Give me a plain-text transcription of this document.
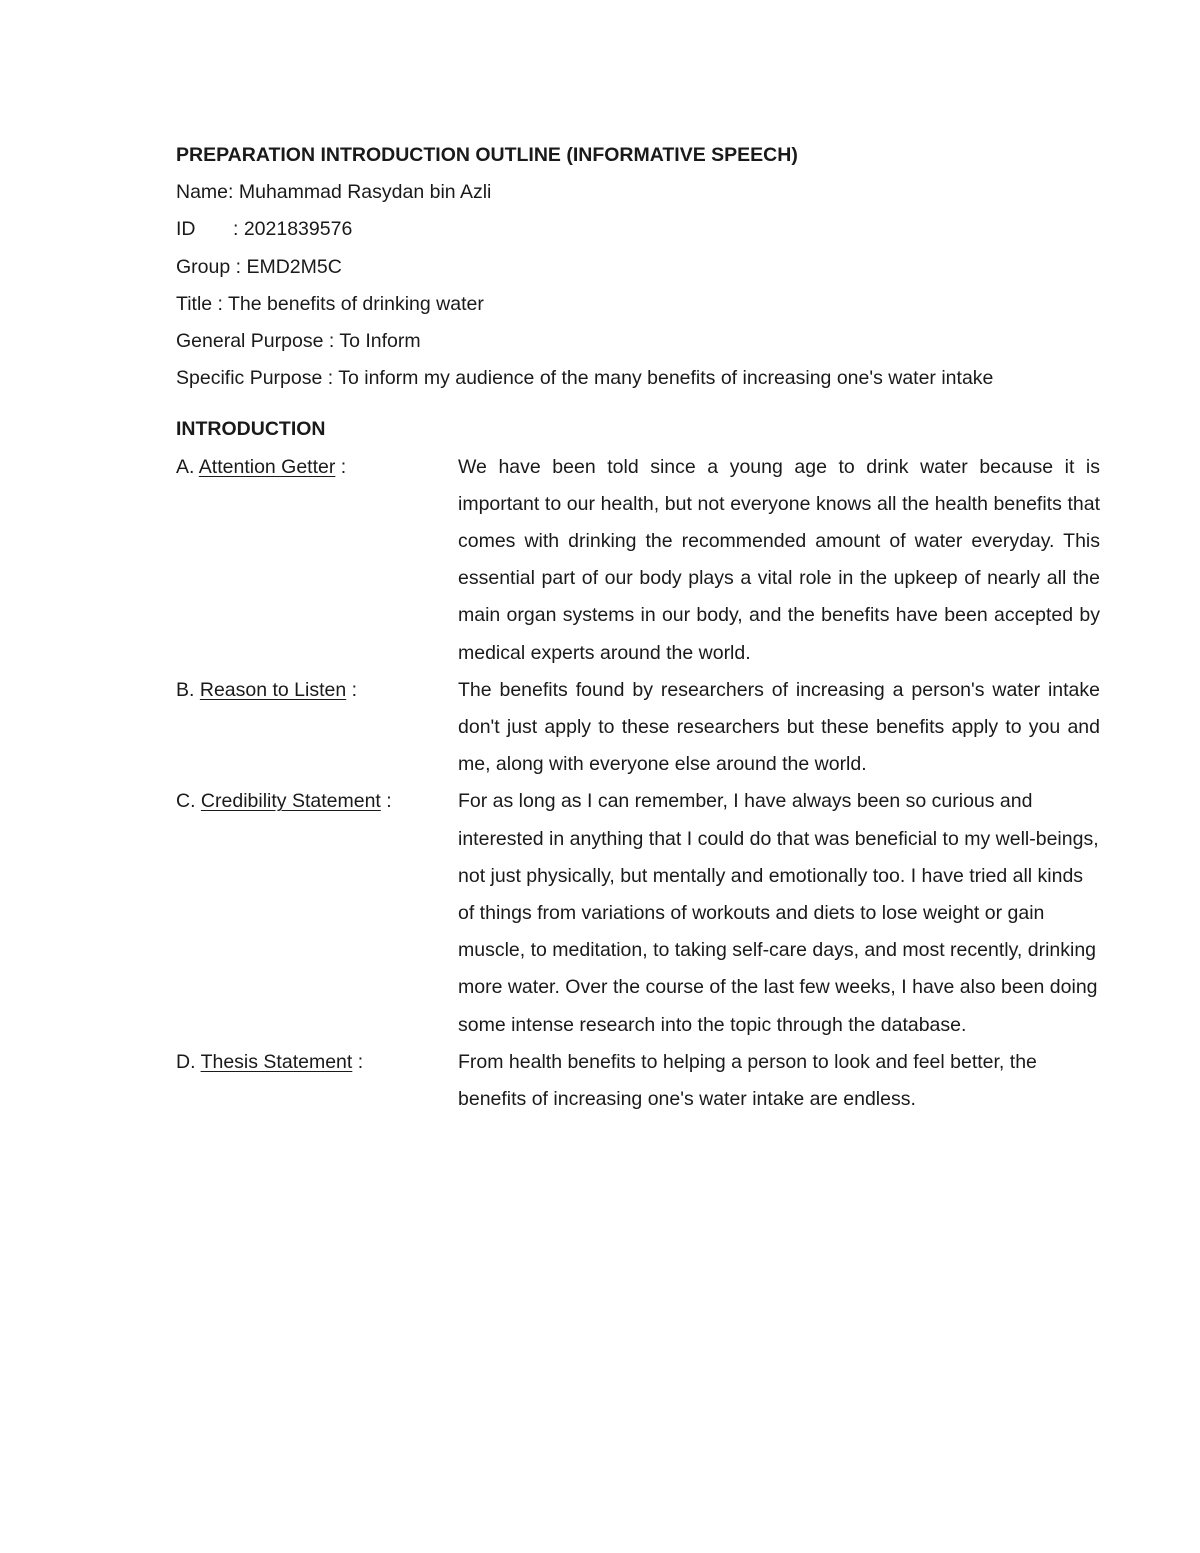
PREPARATION INTRODUCTION OUTLINE (INFORMATIVE SPEECH)

Name: Muhammad Rasydan bin Azli

ID : 2021839576

Group : EMD2M5C

Title : The benefits of drinking water

General Purpose : To Inform

Specific Purpose : To inform my audience of the many benefits of increasing one's water intake

INTRODUCTION

A. Attention Getter :	We have been told since a young age to drink water because it is important to our health, but not everyone knows all the health benefits that comes with drinking the recommended amount of water everyday. This essential part of our body plays a vital role in the upkeep of nearly all the main organ systems in our body, and the benefits have been accepted by medical experts around the world.

B. Reason to Listen :	The benefits found by researchers of increasing a person's water intake don't just apply to these researchers but these benefits apply to you and me, along with everyone else around the world.

C. Credibility Statement :	For as long as I can remember, I have always been so curious and interested in anything that I could do that was beneficial to my well-beings, not just physically, but mentally and emotionally too. I have tried all kinds of things from variations of workouts and diets to lose weight or gain muscle, to meditation, to taking self-care days, and most recently, drinking more water. Over the course of the last few weeks, I have also been doing some intense research into the topic through the database.

D. Thesis Statement :	From health benefits to helping a person to look and feel better, the benefits of increasing one's water intake are endless.
